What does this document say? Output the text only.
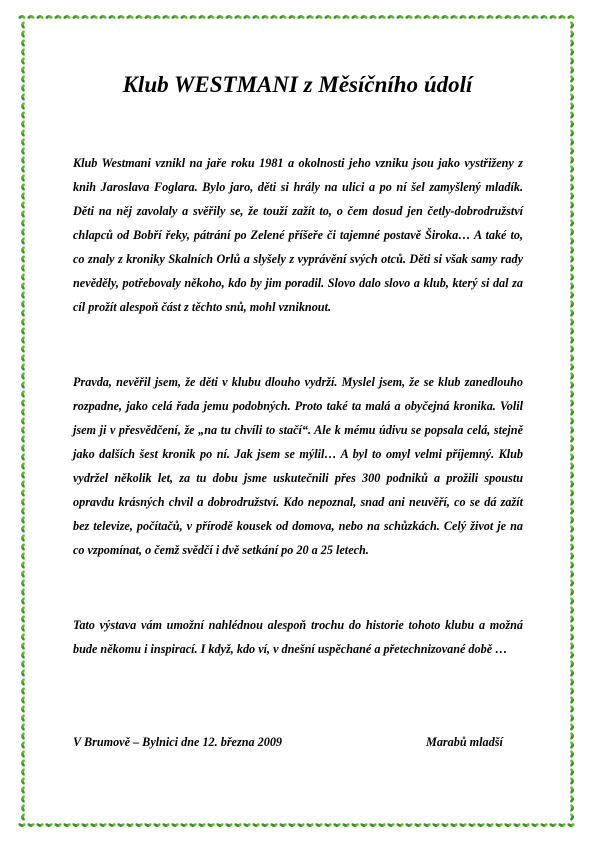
Klub WESTMANI z Měsíčního údolí

Klub Westmani vznikl na jaře roku 1981 a okolnosti jeho vzniku jsou jako vystřiženy z knih Jaroslava Foglara. Bylo jaro, děti si hrály na ulici a po ní šel zamyšlený mladík. Děti na něj zavolaly a svěřily se, že touží zažít to, o čem dosud jen četly-dobrodružství chlapců od Bobří řeky, pátrání po Zelené příšeře či tajemné postavě Široka… A také to, co znaly z kroniky Skalních Orlů a slyšely z vyprávění svých otců. Děti si však samy rady nevěděly, potřebovaly někoho, kdo by jim poradil. Slovo dalo slovo a klub, který si dal za cíl prožít alespoň část z těchto snů, mohl vzniknout.

Pravda, nevěřil jsem, že děti v klubu dlouho vydrží. Myslel jsem, že se klub zanedlouho rozpadne, jako celá řada jemu podobných. Proto také ta malá a obyčejná kronika. Volil jsem ji v přesvědčení, že „na tu chvíli to stačí“. Ale k mému údivu se popsala celá, stejně jako dalších šest kronik po ní. Jak jsem se mýlil… A byl to omyl velmi příjemný. Klub vydržel několik let, za tu dobu jsme uskutečnili přes 300 podniků a prožili spoustu opravdu krásných chvil a dobrodružství. Kdo nepoznal, snad ani neuvěří, co se dá zažít bez televize, počítačů, v přírodě kousek od domova, nebo na schůzkách. Celý život je na co vzpomínat, o čemž svědčí i dvě setkání po 20 a 25 letech.

Tato výstava vám umožní nahlédnou alespoň trochu do historie tohoto klubu a možná bude někomu i inspirací. I když, kdo ví, v dnešní uspěchané a přetechnizované době …

V Brumově – Bylnici dne 12. března 2009	Marabů mladší
